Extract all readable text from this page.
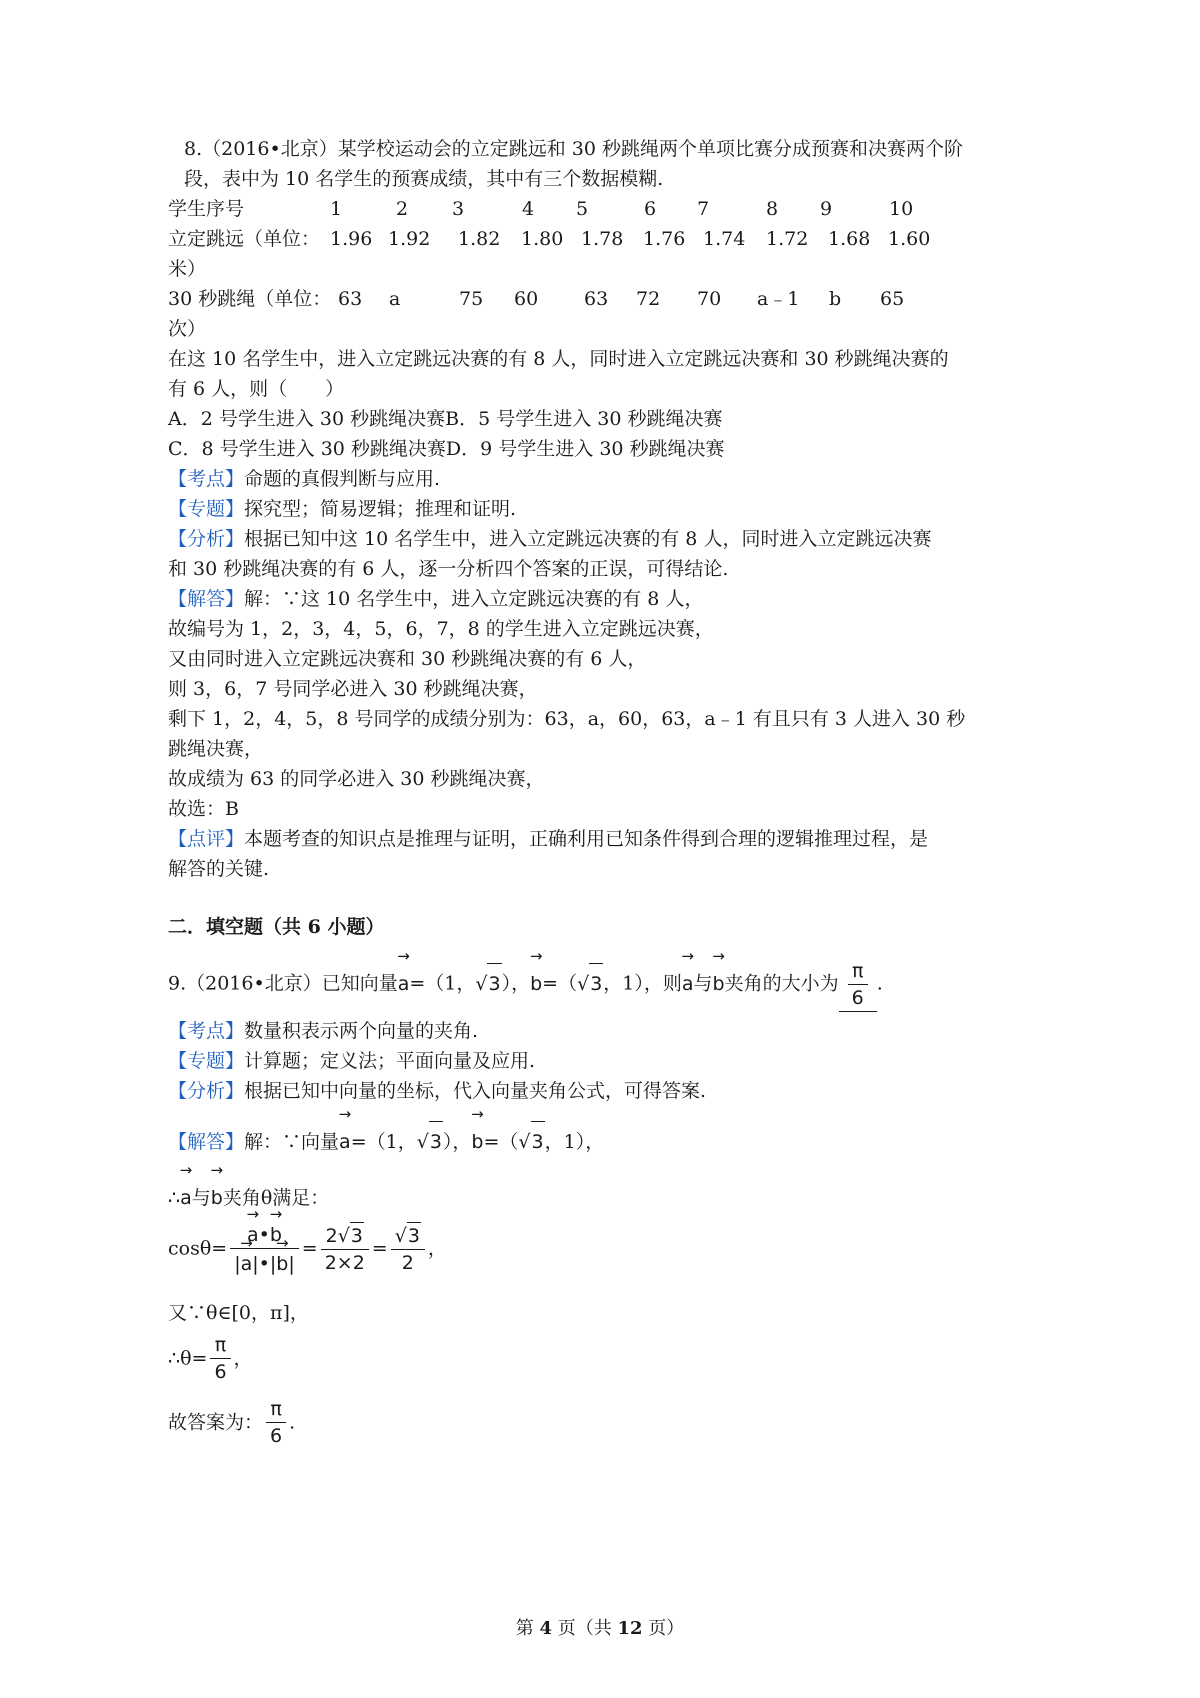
8.（2016•北京）某学校运动会的立定跳远和 30 秒跳绳两个单项比赛分成预赛和决赛两个阶
段，表中为 10 名学生的预赛成绩，其中有三个数据模糊.
学生序号	1	2 3	4 5	6 7	8 9	10
立定跳远（单位： 1.96 1.92 1.82 1.80 1.78 1.76 1.74 1.72 1.68 1.60
米）
30 秒跳绳（单位： 63 a	75 60 63 72 70 a﹣1 b 65
次）
在这 10 名学生中，进入立定跳远决赛的有 8 人，同时进入立定跳远决赛和 30 秒跳绳决赛的
有 6 人，则（　　）
A．2 号学生进入 30 秒跳绳决赛B．5 号学生进入 30 秒跳绳决赛
C．8 号学生进入 30 秒跳绳决赛D．9 号学生进入 30 秒跳绳决赛
【考点】命题的真假判断与应用.
【专题】探究型；简易逻辑；推理和证明.
【分析】根据已知中这 10 名学生中，进入立定跳远决赛的有 8 人，同时进入立定跳远决赛
和 30 秒跳绳决赛的有 6 人，逐一分析四个答案的正误，可得结论.
【解答】解：∵这 10 名学生中，进入立定跳远决赛的有 8 人，
故编号为 1，2，3，4，5，6，7，8 的学生进入立定跳远决赛，
又由同时进入立定跳远决赛和 30 秒跳绳决赛的有 6 人，
则 3，6，7 号同学必进入 30 秒跳绳决赛，
剩下 1，2，4，5，8 号同学的成绩分别为：63，a，60，63，a﹣1 有且只有 3 人进入 30 秒
跳绳决赛，
故成绩为 63 的同学必进入 30 秒跳绳决赛，
故选：B
【点评】本题考查的知识点是推理与证明，正确利用已知条件得到合理的逻辑推理过程，是
解答的关键.
二．填空题（共 6 小题）
9.（2016•北京）已知向量→ a=（1，√3），→ b=（√3，1），则→ a与→ b夹角的大小为 $\frac{\pi}{6}$ .
【考点】数量积表示两个向量的夹角.
【专题】计算题；定义法；平面向量及应用.
【分析】根据已知中向量的坐标，代入向量夹角公式，可得答案.
【解答】解：∵向量→ a=（1，√3），→ b=（√3，1），
∴→ a与→ b夹角θ满足：
cosθ=
→ $\frac{a•\to b}{|\to a|•|\to b|} = \frac{2√3}{2\times 2} = \frac{√3}{2}$ ，
又∵θ∈[0，π]，
∴θ= $\frac{\pi}{6}$ ，
故答案为： $\frac{\pi}{6}$ .
第 4 页（共 12 页）
